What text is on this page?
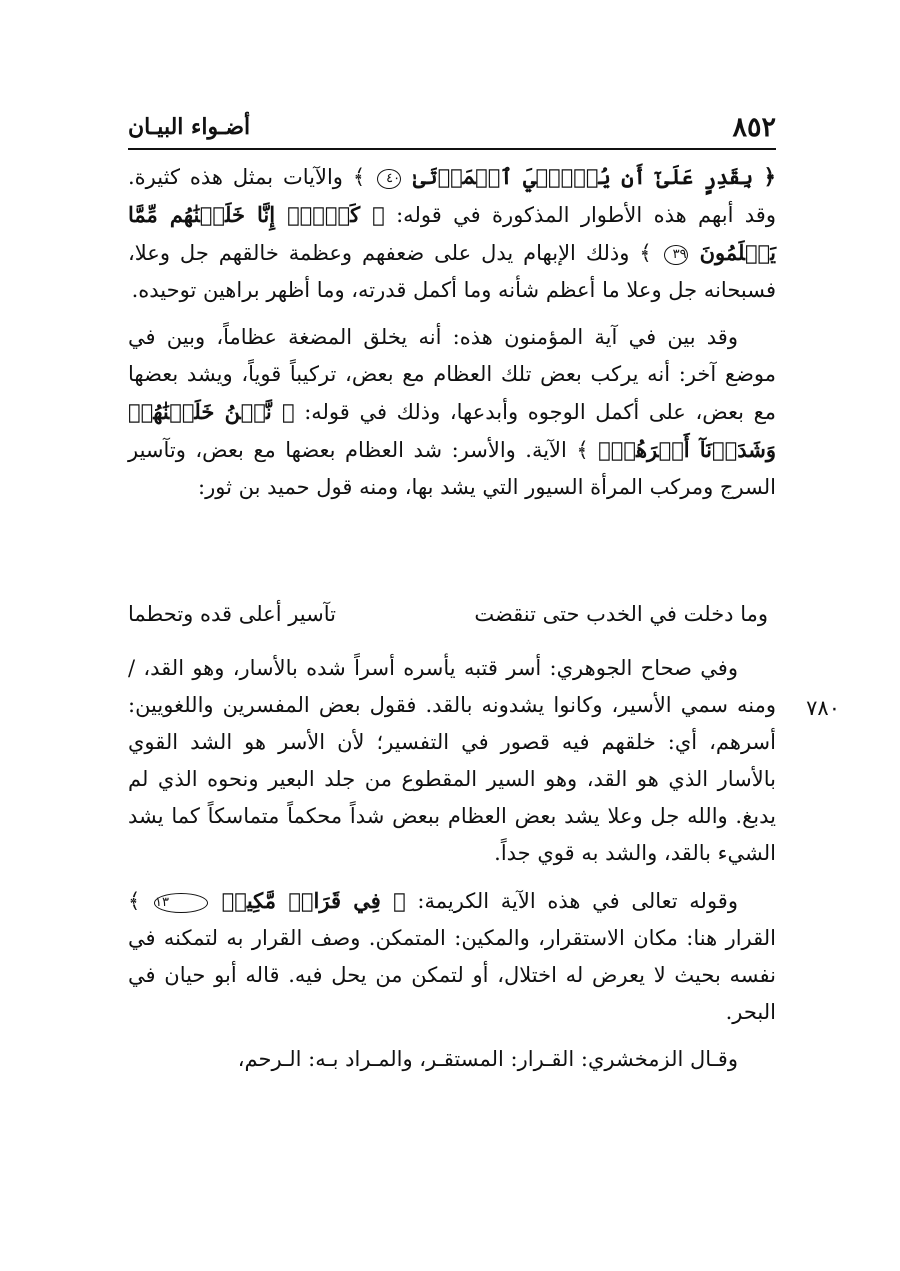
٨٥٢
أضـواء البيـان

﴿ بِقَدِرٍ عَلَىٰٓ أَن يُحۡـِۧيَ ٱلۡمَوۡتَىٰ ٤٠ ﴾ والآيات بمثل هذه كثيرة. وقد أبهم هذه الأطوار المذكورة في قوله: ﴿ كَلَّآۖ إِنَّا خَلَقۡنَٰهُم مِّمَّا يَعۡلَمُونَ ٣٩ ﴾ وذلك الإبهام يدل على ضعفهم وعظمة خالقهم جل وعلا، فسبحانه جل وعلا ما أعظم شأنه وما أكمل قدرته، وما أظهر براهين توحيده.

وقد بين في آية المؤمنون هذه: أنه يخلق المضغة عظاماً، وبين في موضع آخر: أنه يركب بعض تلك العظام مع بعض، تركيباً قوياً، ويشد بعضها مع بعض، على أكمل الوجوه وأبدعها، وذلك في قوله: ﴿ نَّحۡنُ خَلَقۡنَٰهُمۡ وَشَدَدۡنَآ أَسۡرَهُمۡۖ ﴾ الآية. والأسر: شد العظام بعضها مع بعض، وتآسير السرج ومركب المرأة السيور التي يشد بها، ومنه قول حميد بن ثور:

وما دخلت في الخدب حتى تنقضت
تآسير أعلى قده وتحطما
٧٨٠

وفي صحاح الجوهري: أسر قتبه يأسره أسراً شده بالأسار، وهو القد، /ومنه سمي الأسير، وكانوا يشدونه بالقد. فقول بعض المفسرين واللغويين: أسرهم، أي: خلقهم فيه قصور في التفسير؛ لأن الأسر هو الشد القوي بالأسار الذي هو القد، وهو السير المقطوع من جلد البعير ونحوه الذي لم يدبغ. والله جل وعلا يشد بعض العظام ببعض شداً محكماً متماسكاً كما يشد الشيء بالقد، والشد به قوي جداً.

وقوله تعالى في هذه الآية الكريمة: ﴿ فِي قَرَارٖ مَّكِينٖ ١٣ ﴾ القرار هنا: مكان الاستقرار، والمكين: المتمكن. وصف القرار به لتمكنه في نفسه بحيث لا يعرض له اختلال، أو لتمكن من يحل فيه. قاله أبو حيان في البحر.

وقـال الزمخشري: القـرار: المستقـر، والمـراد بـه: الـرحم،
